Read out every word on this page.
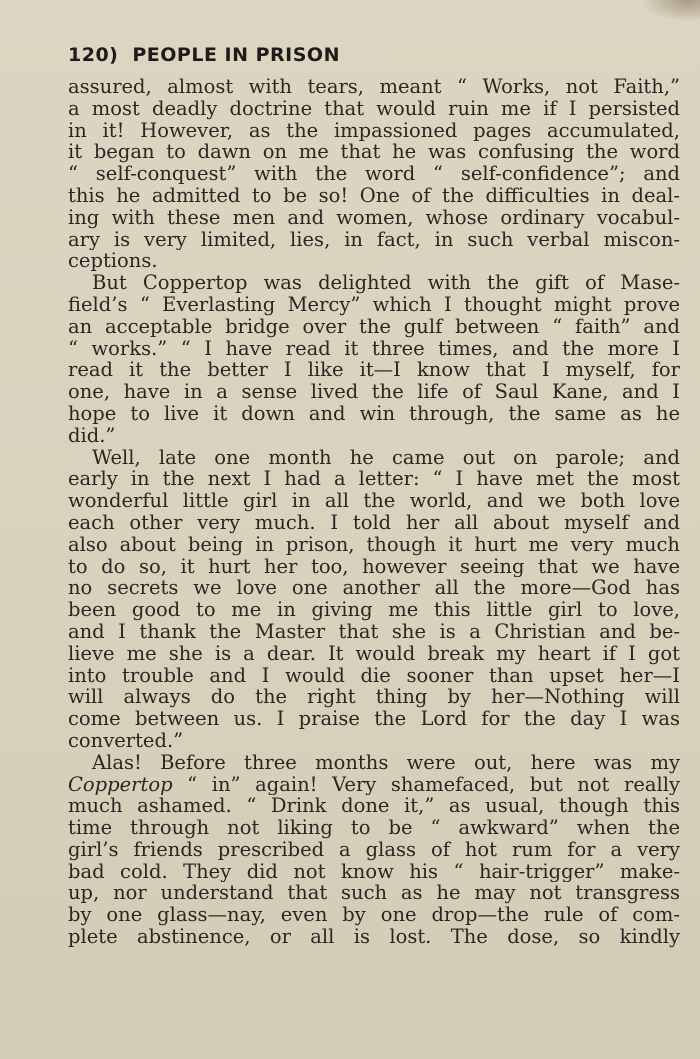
120) PEOPLE IN PRISON
assured, almost with tears, meant “ Works, not Faith,”
a most deadly doctrine that would ruin me if I persisted
in it! However, as the impassioned pages accumulated,
it began to dawn on me that he was confusing the word
“ self-conquest” with the word “ self-confidence”; and
this he admitted to be so! One of the difficulties in deal-
ing with these men and women, whose ordinary vocabul-
ary is very limited, lies, in fact, in such verbal miscon-
ceptions.
But Coppertop was delighted with the gift of Mase-
field’s “ Everlasting Mercy” which I thought might prove
an acceptable bridge over the gulf between “ faith” and
“ works.” “ I have read it three times, and the more I
read it the better I like it—I know that I myself, for
one, have in a sense lived the life of Saul Kane, and I
hope to live it down and win through, the same as he
did.”
Well, late one month he came out on parole; and
early in the next I had a letter: “ I have met the most
wonderful little girl in all the world, and we both love
each other very much. I told her all about myself and
also about being in prison, though it hurt me very much
to do so, it hurt her too, however seeing that we have
no secrets we love one another all the more—God has
been good to me in giving me this little girl to love,
and I thank the Master that she is a Christian and be-
lieve me she is a dear. It would break my heart if I got
into trouble and I would die sooner than upset her—I
will always do the right thing by her—Nothing will
come between us. I praise the Lord for the day I was
converted.”
Alas! Before three months were out, here was my
Coppertop “ in” again! Very shamefaced, but not really
much ashamed. “ Drink done it,” as usual, though this
time through not liking to be “ awkward” when the
girl’s friends prescribed a glass of hot rum for a very
bad cold. They did not know his “ hair-trigger” make-
up, nor understand that such as he may not transgress
by one glass—nay, even by one drop—the rule of com-
plete abstinence, or all is lost. The dose, so kindly
